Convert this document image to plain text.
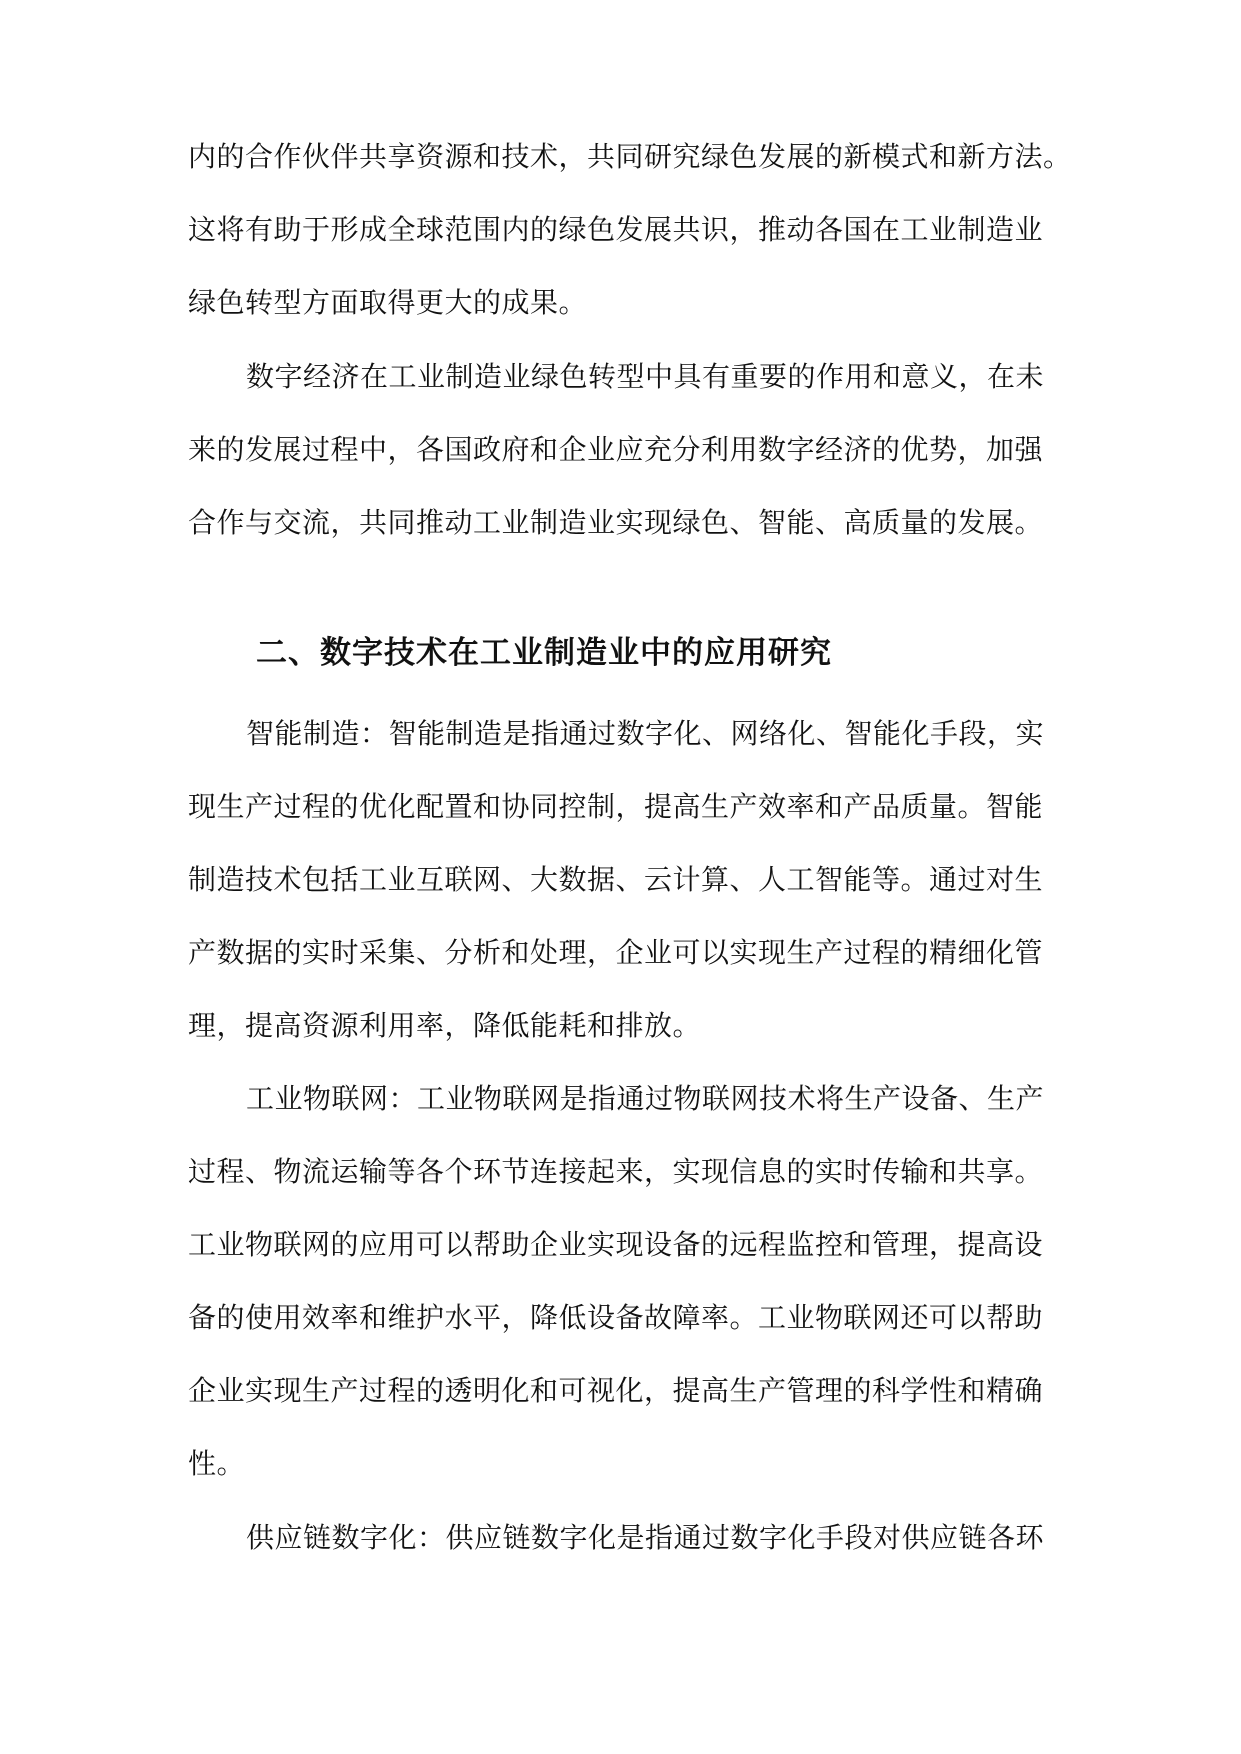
内的合作伙伴共享资源和技术，共同研究绿色发展的新模式和新方法。
这将有助于形成全球范围内的绿色发展共识，推动各国在工业制造业
绿色转型方面取得更大的成果。
数字经济在工业制造业绿色转型中具有重要的作用和意义，在未
来的发展过程中，各国政府和企业应充分利用数字经济的优势，加强
合作与交流，共同推动工业制造业实现绿色、智能、高质量的发展。
二、数字技术在工业制造业中的应用研究
智能制造：智能制造是指通过数字化、网络化、智能化手段，实
现生产过程的优化配置和协同控制，提高生产效率和产品质量。智能
制造技术包括工业互联网、大数据、云计算、人工智能等。通过对生
产数据的实时采集、分析和处理，企业可以实现生产过程的精细化管
理，提高资源利用率，降低能耗和排放。
工业物联网：工业物联网是指通过物联网技术将生产设备、生产
过程、物流运输等各个环节连接起来，实现信息的实时传输和共享。
工业物联网的应用可以帮助企业实现设备的远程监控和管理，提高设
备的使用效率和维护水平，降低设备故障率。工业物联网还可以帮助
企业实现生产过程的透明化和可视化，提高生产管理的科学性和精确
性。
供应链数字化：供应链数字化是指通过数字化手段对供应链各环
